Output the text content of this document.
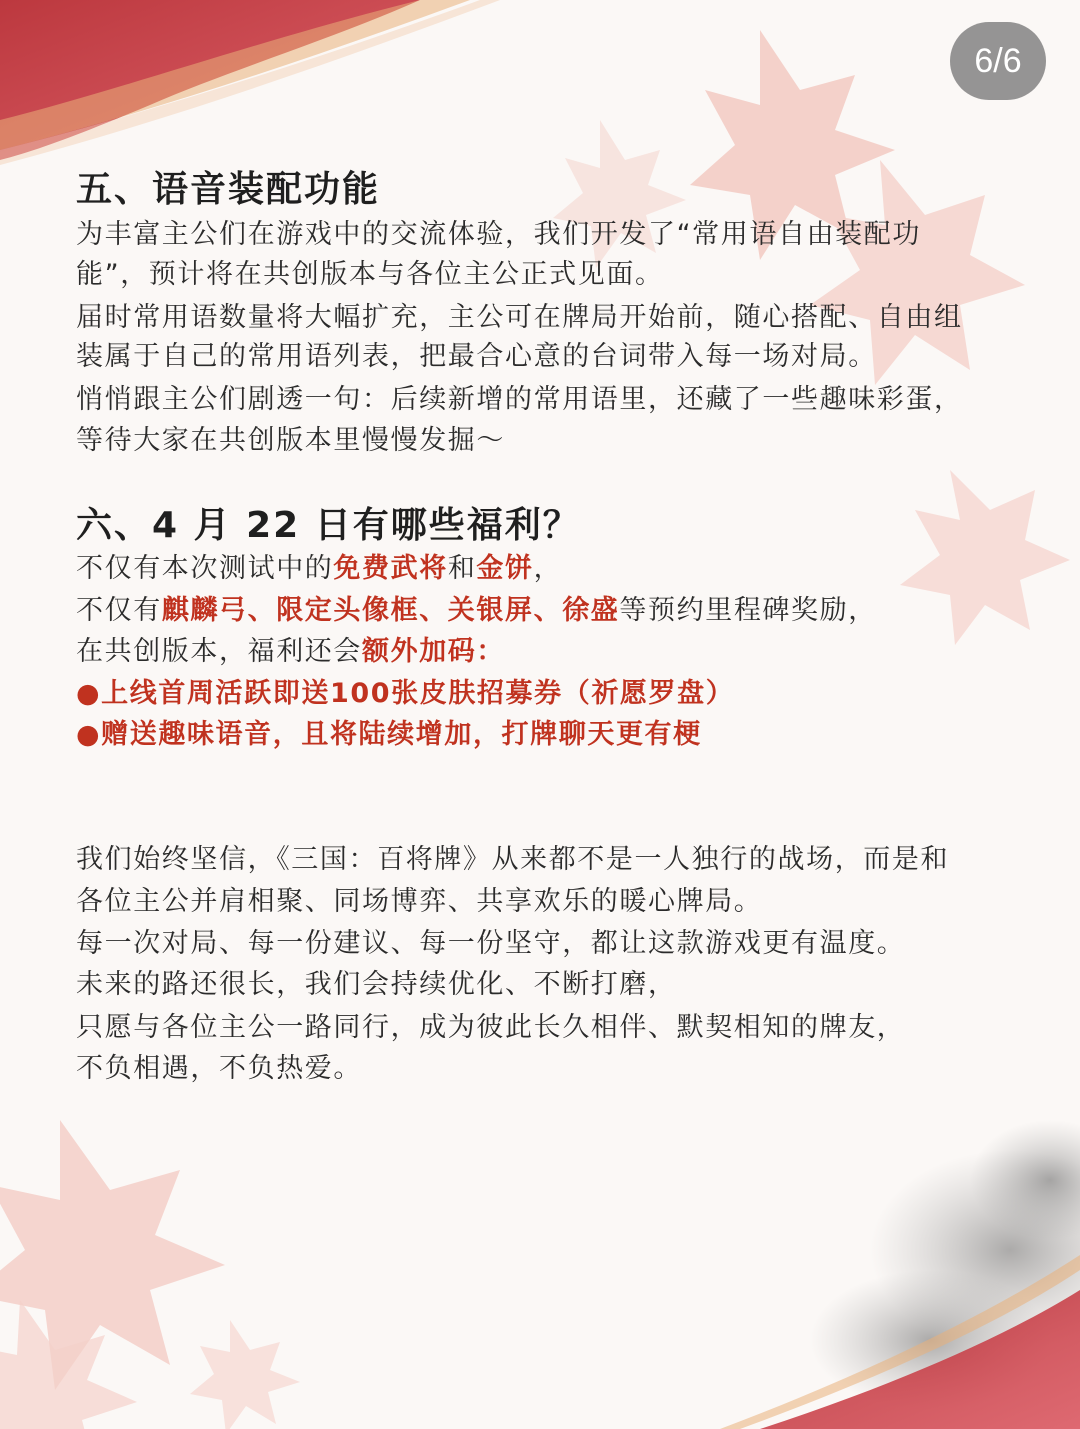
6/6
五、语音装配功能
为丰富主公们在游戏中的交流体验，我们开发了“常用语自由装配功
能”，预计将在共创版本与各位主公正式见面。
届时常用语数量将大幅扩充，主公可在牌局开始前，随心搭配、自由组
装属于自己的常用语列表，把最合心意的台词带入每一场对局。
悄悄跟主公们剧透一句：后续新增的常用语里，还藏了一些趣味彩蛋，
等待大家在共创版本里慢慢发掘～
六、4 月 22 日有哪些福利？
不仅有本次测试中的免费武将和金饼，
不仅有麒麟弓、限定头像框、关银屏、徐盛等预约里程碑奖励，
在共创版本，福利还会额外加码：
●上线首周活跃即送100张皮肤招募券（祈愿罗盘）
●赠送趣味语音，且将陆续增加，打牌聊天更有梗
我们始终坚信，《三国：百将牌》从来都不是一人独行的战场，而是和
各位主公并肩相聚、同场博弈、共享欢乐的暖心牌局。
每一次对局、每一份建议、每一份坚守，都让这款游戏更有温度。
未来的路还很长，我们会持续优化、不断打磨，
只愿与各位主公一路同行，成为彼此长久相伴、默契相知的牌友，
不负相遇，不负热爱。
